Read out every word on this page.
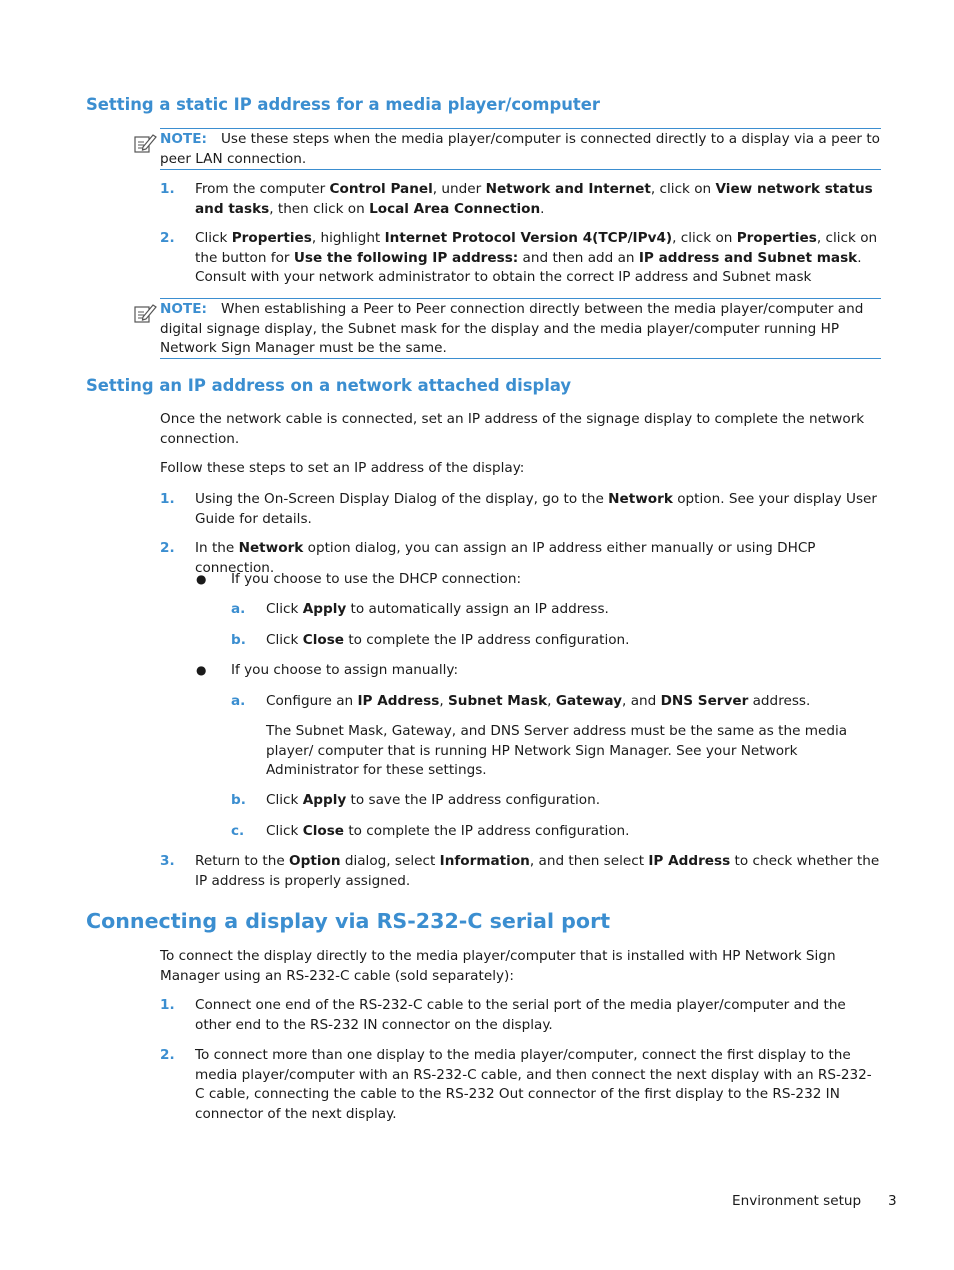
Setting a static IP address for a media player/computer
NOTE: Use these steps when the media player/computer is connected directly to a display via a peer to peer LAN connection.
1. From the computer Control Panel, under Network and Internet, click on View network status and tasks, then click on Local Area Connection.
2. Click Properties, highlight Internet Protocol Version 4(TCP/IPv4), click on Properties, click on the button for Use the following IP address: and then add an IP address and Subnet mask. Consult with your network administrator to obtain the correct IP address and Subnet mask
NOTE: When establishing a Peer to Peer connection directly between the media player/computer and digital signage display, the Subnet mask for the display and the media player/computer running HP Network Sign Manager must be the same.
Setting an IP address on a network attached display
Once the network cable is connected, set an IP address of the signage display to complete the network connection.
Follow these steps to set an IP address of the display:
1. Using the On-Screen Display Dialog of the display, go to the Network option. See your display User Guide for details.
2. In the Network option dialog, you can assign an IP address either manually or using DHCP connection.
● If you choose to use the DHCP connection:
a. Click Apply to automatically assign an IP address.
b. Click Close to complete the IP address configuration.
● If you choose to assign manually:
a. Configure an IP Address, Subnet Mask, Gateway, and DNS Server address.
The Subnet Mask, Gateway, and DNS Server address must be the same as the media player/ computer that is running HP Network Sign Manager. See your Network Administrator for these settings.
b. Click Apply to save the IP address configuration.
c. Click Close to complete the IP address configuration.
3. Return to the Option dialog, select Information, and then select IP Address to check whether the IP address is properly assigned.
Connecting a display via RS-232-C serial port
To connect the display directly to the media player/computer that is installed with HP Network Sign Manager using an RS-232-C cable (sold separately):
1. Connect one end of the RS-232-C cable to the serial port of the media player/computer and the other end to the RS-232 IN connector on the display.
2. To connect more than one display to the media player/computer, connect the first display to the media player/computer with an RS-232-C cable, and then connect the next display with an RS-232-C cable, connecting the cable to the RS-232 Out connector of the first display to the RS-232 IN connector of the next display.
Environment setup 3
